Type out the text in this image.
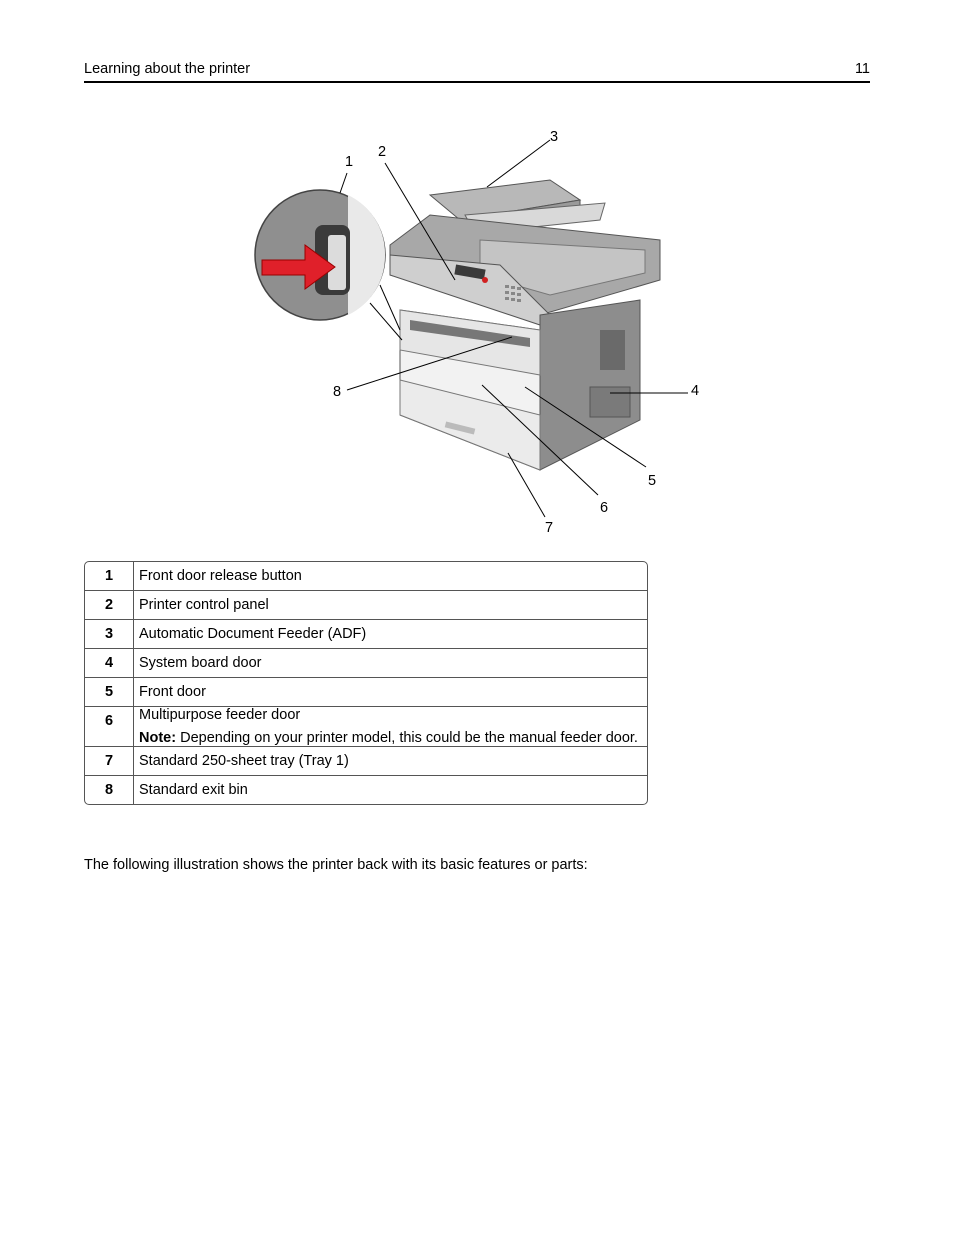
Learning about the printer	11
1
2
3
4
5
6
7
8
1	Front door release button
2	Printer control panel
3	Automatic Document Feeder (ADF)
4	System board door
5	Front door
6	Multipurpose feeder door
Note: Depending on your printer model, this could be the manual feeder door.

7	Standard 250-sheet tray (Tray 1)
8	Standard exit bin

The following illustration shows the printer back with its basic features or parts:
